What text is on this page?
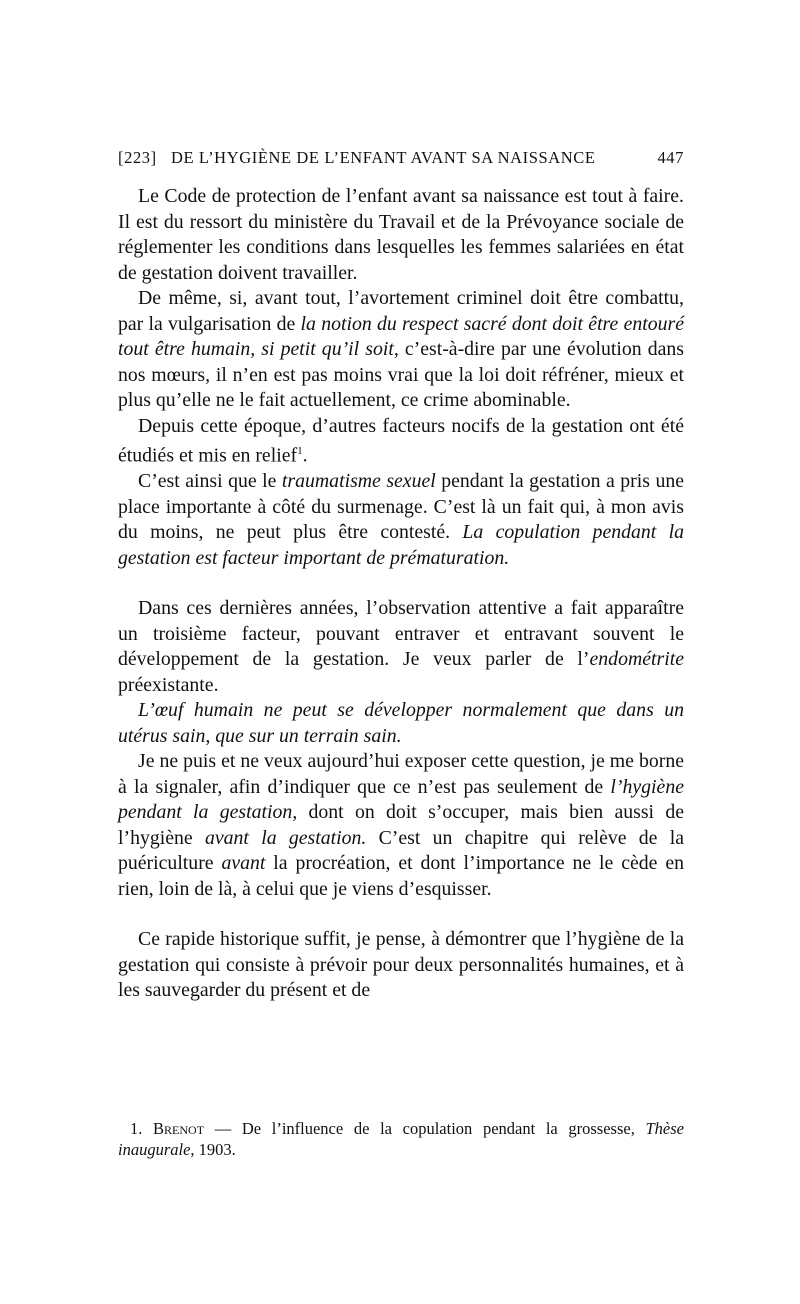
[223] DE L’HYGIÈNE DE L’ENFANT AVANT SA NAISSANCE	447

Le Code de protection de l’enfant avant sa naissance est tout à faire. Il est du ressort du ministère du Travail et de la Prévoyance sociale de réglementer les conditions dans lesquelles les femmes salariées en état de gestation doivent travailler.

De même, si, avant tout, l’avortement criminel doit être combattu, par la vulgarisation de la notion du respect sacré dont doit être entouré tout être humain, si petit qu’il soit, c’est-à-dire par une évolution dans nos mœurs, il n’en est pas moins vrai que la loi doit réfréner, mieux et plus qu’elle ne le fait actuellement, ce crime abominable.

Depuis cette époque, d’autres facteurs nocifs de la gestation ont été étudiés et mis en relief$^1$.

C’est ainsi que le traumatisme sexuel pendant la gestation a pris une place importante à côté du surmenage. C’est là un fait qui, à mon avis du moins, ne peut plus être contesté. La copulation pendant la gestation est facteur important de prématuration.

Dans ces dernières années, l’observation attentive a fait apparaître un troisième facteur, pouvant entraver et entravant souvent le développement de la gestation. Je veux parler de l’endométrite préexistante.

L’œuf humain ne peut se développer normalement que dans un utérus sain, que sur un terrain sain.

Je ne puis et ne veux aujourd’hui exposer cette question, je me borne à la signaler, afin d’indiquer que ce n’est pas seulement de l’hygiène pendant la gestation, dont on doit s’occuper, mais bien aussi de l’hygiène avant la gestation. C’est un chapitre qui relève de la puériculture avant la procréation, et dont l’importance ne le cède en rien, loin de là, à celui que je viens d’esquisser.

Ce rapide historique suffit, je pense, à démontrer que l’hygiène de la gestation qui consiste à prévoir pour deux personnalités humaines, et à les sauvegarder du présent et de

1. Brenot — De l’influence de la copulation pendant la grossesse, Thèse inaugurale, 1903.
